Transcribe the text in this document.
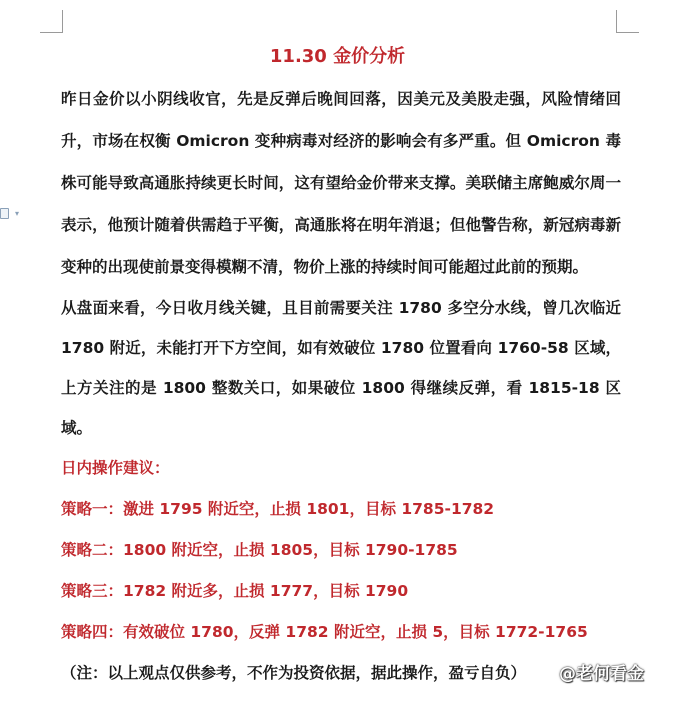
▾
11.30 金价分析

昨日金价以小阴线收官，先是反弹后晚间回落，因美元及美股走强，风险情绪回升，市场在权衡 Omicron 变种病毒对经济的影响会有多严重。但 Omicron 毒株可能导致高通胀持续更长时间，这有望给金价带来支撑。美联储主席鲍威尔周一表示，他预计随着供需趋于平衡，高通胀将在明年消退；但他警告称，新冠病毒新变种的出现使前景变得模糊不清，物价上涨的持续时间可能超过此前的预期。

从盘面来看，今日收月线关键，且目前需要关注 1780 多空分水线，曾几次临近 1780 附近，未能打开下方空间，如有效破位 1780 位置看向 1760-58 区域，上方关注的是 1800 整数关口，如果破位 1800 得继续反弹，看 1815-18 区域。

日内操作建议：

策略一：激进 1795 附近空，止损 1801，目标 1785-1782

策略二：1800 附近空，止损 1805，目标 1790-1785

策略三：1782 附近多，止损 1777，目标 1790

策略四：有效破位 1780，反弹 1782 附近空，止损 5，目标 1772-1765

（注：以上观点仅供参考，不作为投资依据，据此操作，盈亏自负）	@老何看金
